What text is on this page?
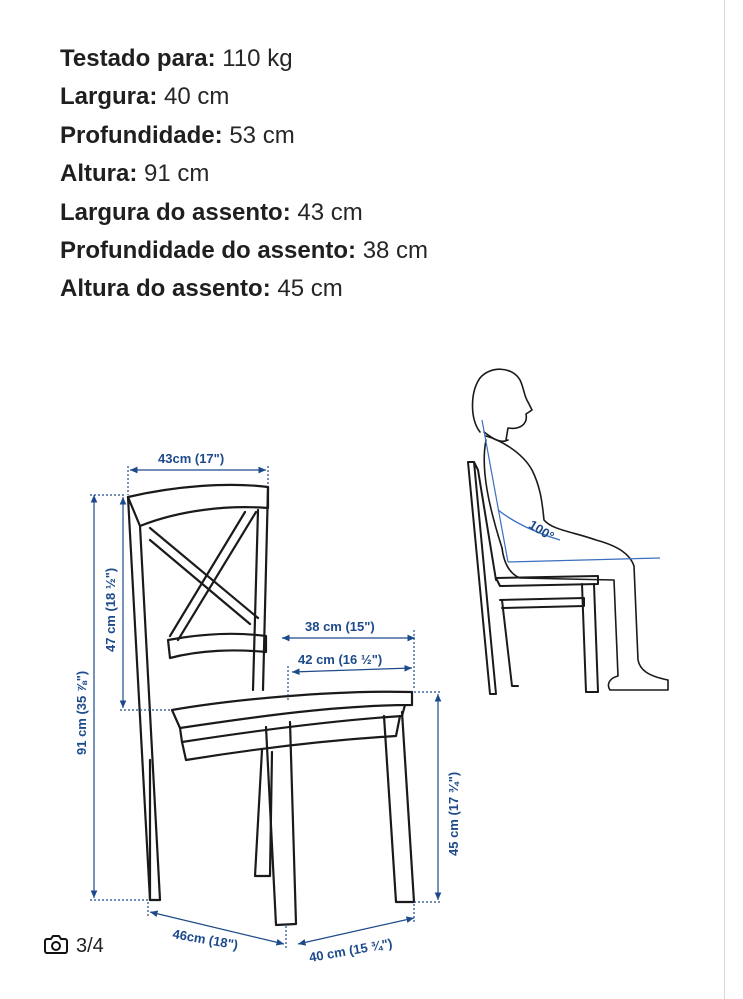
Testado para: 110 kg
Largura: 40 cm
Profundidade: 53 cm
Altura: 91 cm
Largura do assento: 43 cm
Profundidade do assento: 38 cm
Altura do assento: 45 cm
100°
43cm (17")
91 cm (35 ⅞")
47 cm (18 ½")	38 cm (15")
42 cm (16 ½")
45 cm (17 ¾")
46cm (18")	40 cm (15 ¾")
3/4
